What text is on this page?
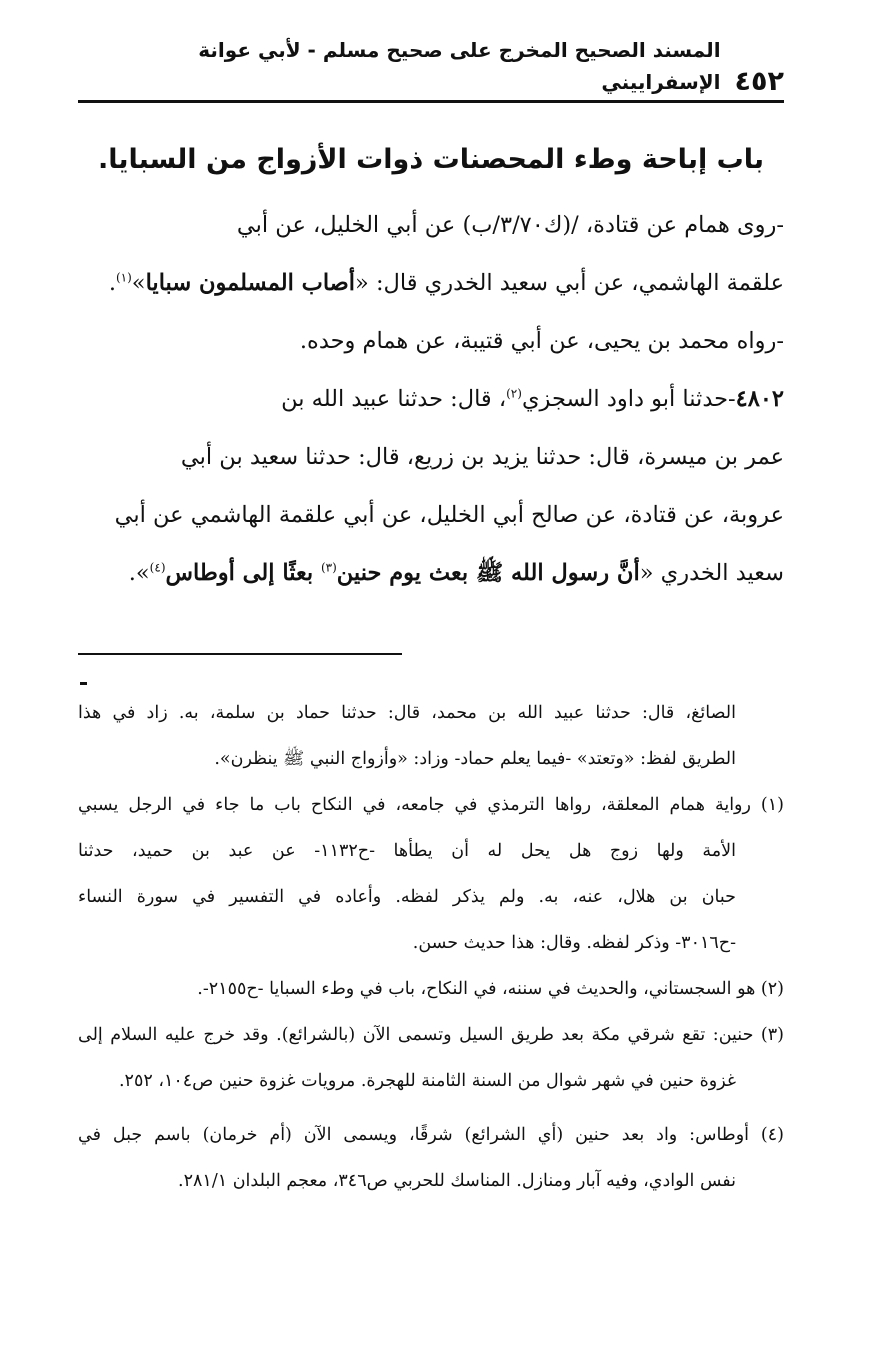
٤٥٢
المسند الصحيح المخرج على صحيح مسلم - لأبي عوانة الإسفراييني
باب إباحة وطء المحصنات ذوات الأزواج من السبايا.
-روى همام عن قتادة، /(ك٣/٧٠/ب) عن أبي الخليل، عن أبي
علقمة الهاشمي، عن أبي سعيد الخدري قال: «أصاب المسلمون سبايا»$^{(١)}$.
-رواه محمد بن يحيى، عن أبي قتيبة، عن همام وحده.
٤٨٠٢-حدثنا أبو داود السجزي$^{(٢)}$، قال: حدثنا عبيد الله بن
عمر بن ميسرة، قال: حدثنا يزيد بن زريع، قال: حدثنا سعيد بن أبي
عروبة، عن قتادة، عن صالح أبي الخليل، عن أبي علقمة الهاشمي عن أبي
سعيد الخدري «أنَّ رسول الله ﷺ بعث يوم حنين$^{(٣)}$ بعثًا إلى أوطاس$^{(٤)}$».
الصائغ، قال: حدثنا عبيد الله بن محمد، قال: حدثنا حماد بن سلمة، به. زاد في هذا
الطريق لفظ: «وتعتد» -فيما يعلم حماد- وزاد: «وأزواج النبي ﷺ ينظرن».
(١) رواية همام المعلقة، رواها الترمذي في جامعه، في النكاح باب ما جاء في الرجل يسبي
الأمة ولها زوج هل يحل له أن يطأها -ح١١٣٢- عن عبد بن حميد، حدثنا
حبان بن هلال، عنه، به. ولم يذكر لفظه. وأعاده في التفسير في سورة النساء
-ح٣٠١٦- وذكر لفظه. وقال: هذا حديث حسن.
(٢) هو السجستاني، والحديث في سننه، في النكاح، باب في وطء السبايا -ح٢١٥٥-.
(٣) حنين: تقع شرقي مكة بعد طريق السيل وتسمى الآن (بالشرائع). وقد خرج عليه السلام إلى
غزوة حنين في شهر شوال من السنة الثامنة للهجرة. مرويات غزوة حنين ص١٠٤، ٢٥٢.
(٤) أوطاس: واد بعد حنين (أي الشرائع) شرقًا، ويسمى الآن (أم خرمان) باسم جبل في
نفس الوادي، وفيه آبار ومنازل. المناسك للحربي ص٣٤٦، معجم البلدان ٢٨١/١.
